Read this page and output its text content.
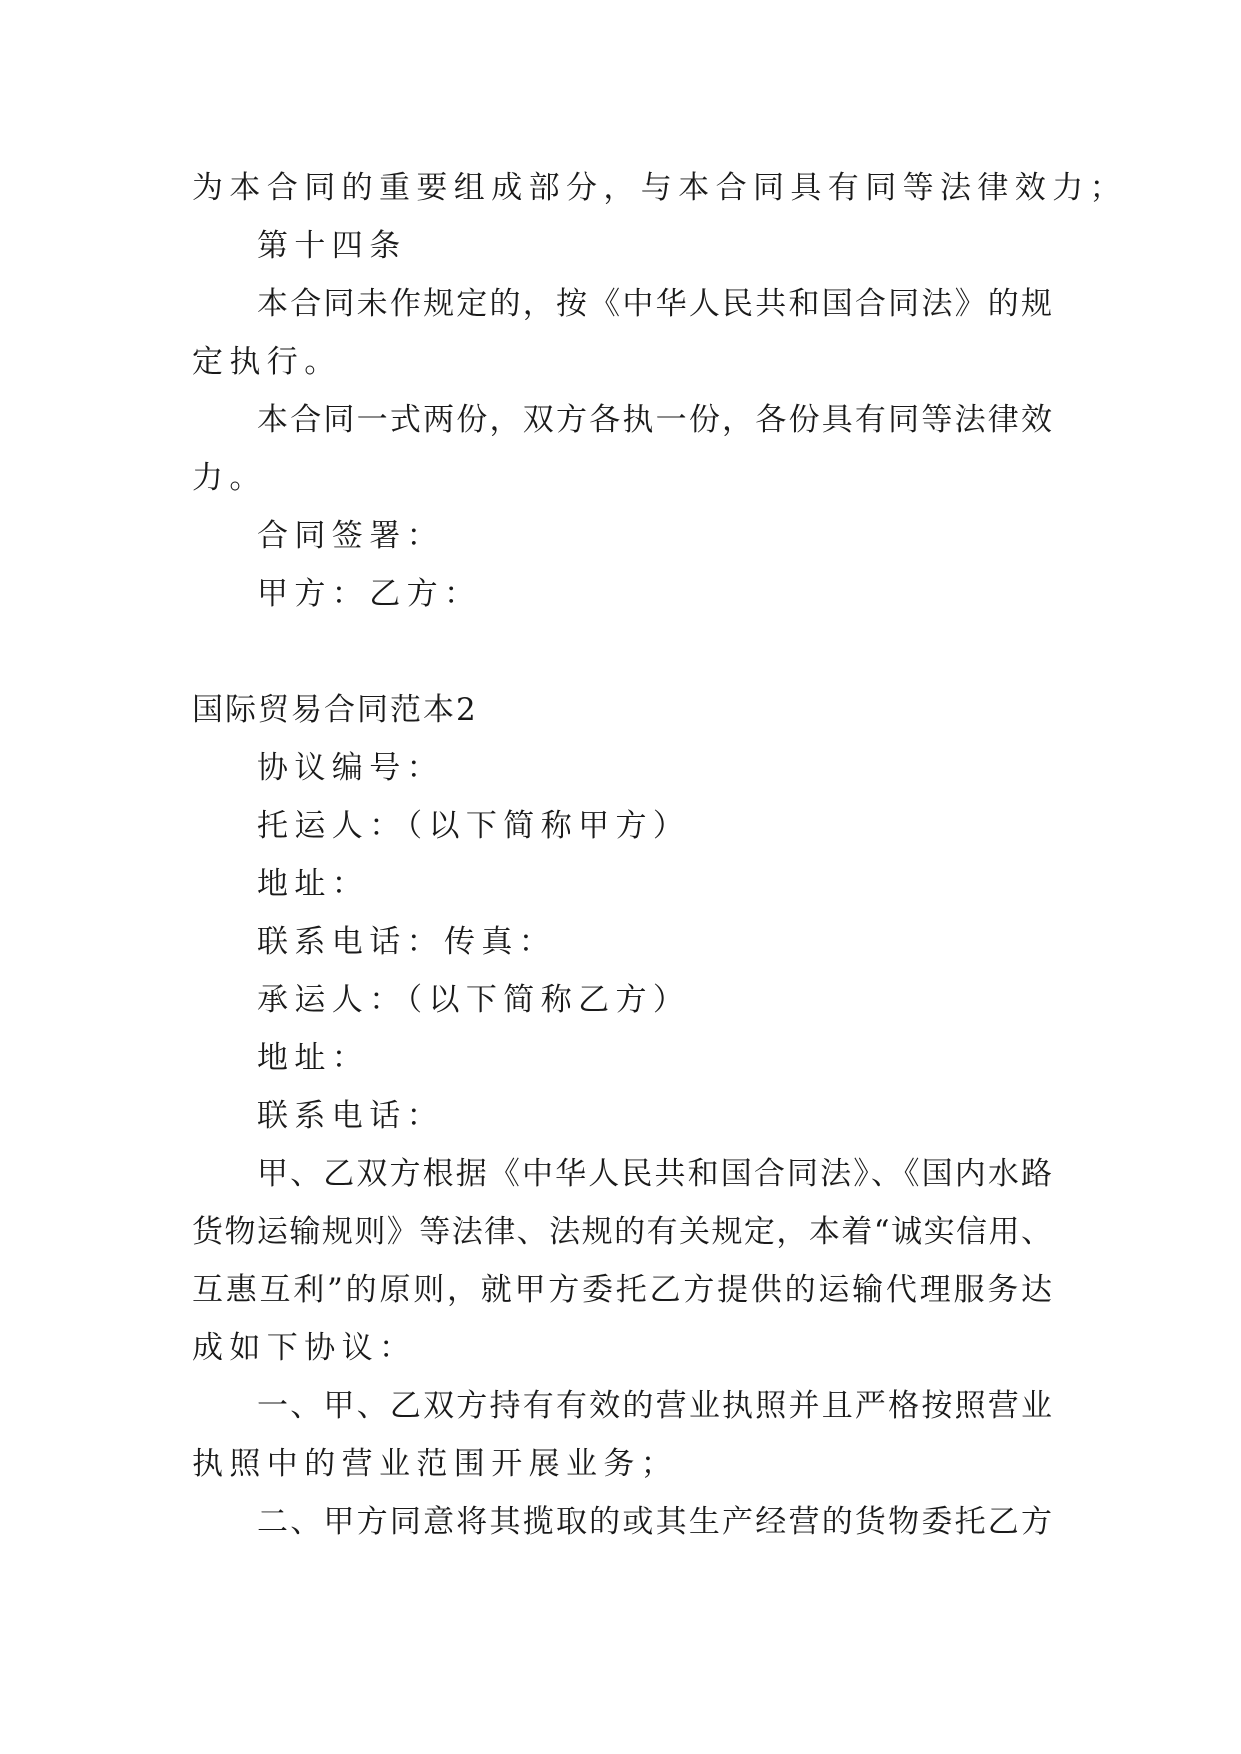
为本合同的重要组成部分，与本合同具有同等法律效力；
第十四条
本合同未作规定的，按《中华人民共和国合同法》的规
定执行。
本合同一式两份，双方各执一份，各份具有同等法律效
力。
合同签署：
甲方：乙方：
国际贸易合同范本2
协议编号：
托运人：（以下简称甲方）
地址：
联系电话：传真：
承运人：（以下简称乙方）
地址：
联系电话：
甲、乙双方根据《中华人民共和国合同法》、《国内水路
货物运输规则》等法律、法规的有关规定，本着“诚实信用、
互惠互利”的原则，就甲方委托乙方提供的运输代理服务达
成如下协议：
一、甲、乙双方持有有效的营业执照并且严格按照营业
执照中的营业范围开展业务；
二、甲方同意将其揽取的或其生产经营的货物委托乙方
